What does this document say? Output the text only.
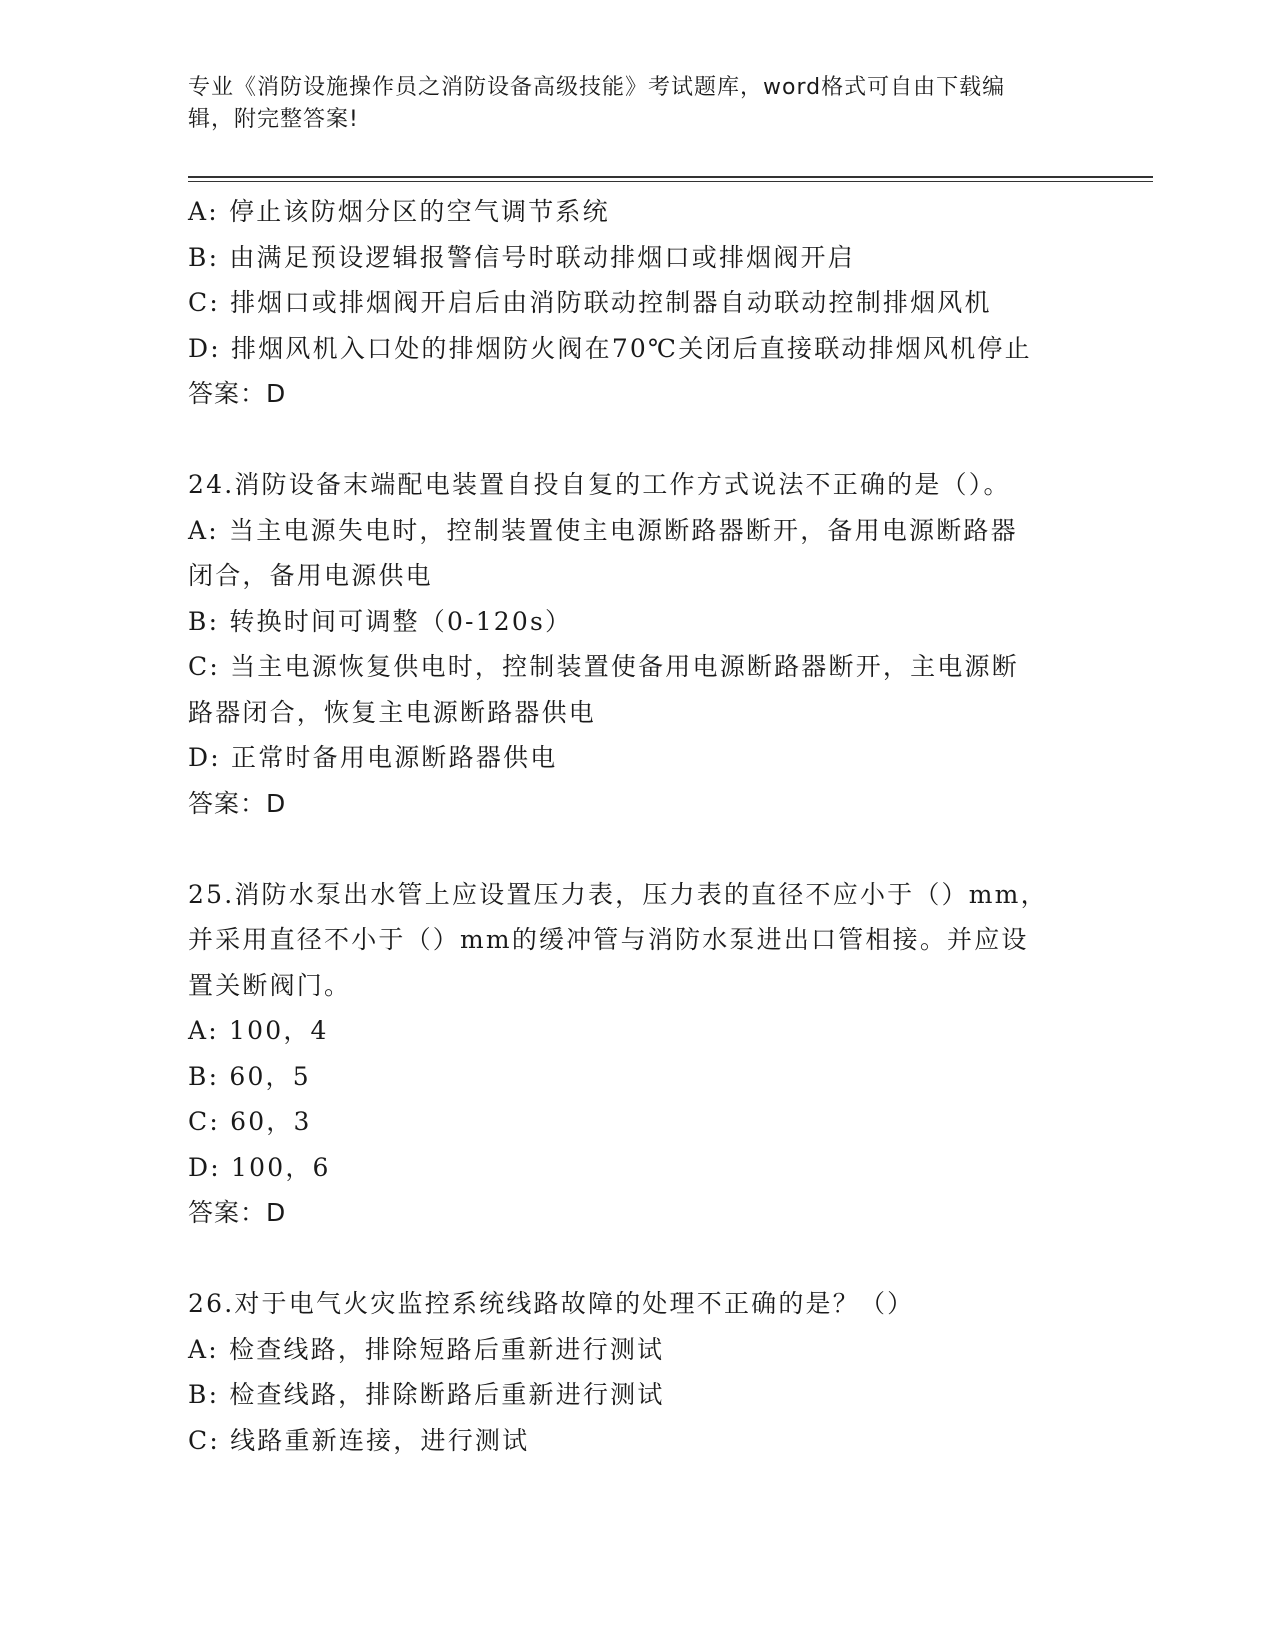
专业《消防设施操作员之消防设备高级技能》考试题库，word格式可自由下载编
辑，附完整答案!
A: 停止该防烟分区的空气调节系统
B: 由满足预设逻辑报警信号时联动排烟口或排烟阀开启
C: 排烟口或排烟阀开启后由消防联动控制器自动联动控制排烟风机
D: 排烟风机入口处的排烟防火阀在70℃关闭后直接联动排烟风机停止
答案：D
24.消防设备末端配电装置自投自复的工作方式说法不正确的是（）。
A: 当主电源失电时，控制装置使主电源断路器断开，备用电源断路器
闭合，备用电源供电
B: 转换时间可调整（0-120s）
C: 当主电源恢复供电时，控制装置使备用电源断路器断开，主电源断
路器闭合，恢复主电源断路器供电
D: 正常时备用电源断路器供电
答案：D
25.消防水泵出水管上应设置压力表，压力表的直径不应小于（）mm，
并采用直径不小于（）mm的缓冲管与消防水泵进出口管相接。并应设
置关断阀门。
A: 100，4
B: 60，5
C: 60，3
D: 100，6
答案：D
26.对于电气火灾监控系统线路故障的处理不正确的是？（）
A: 检查线路，排除短路后重新进行测试
B: 检查线路，排除断路后重新进行测试
C: 线路重新连接，进行测试
